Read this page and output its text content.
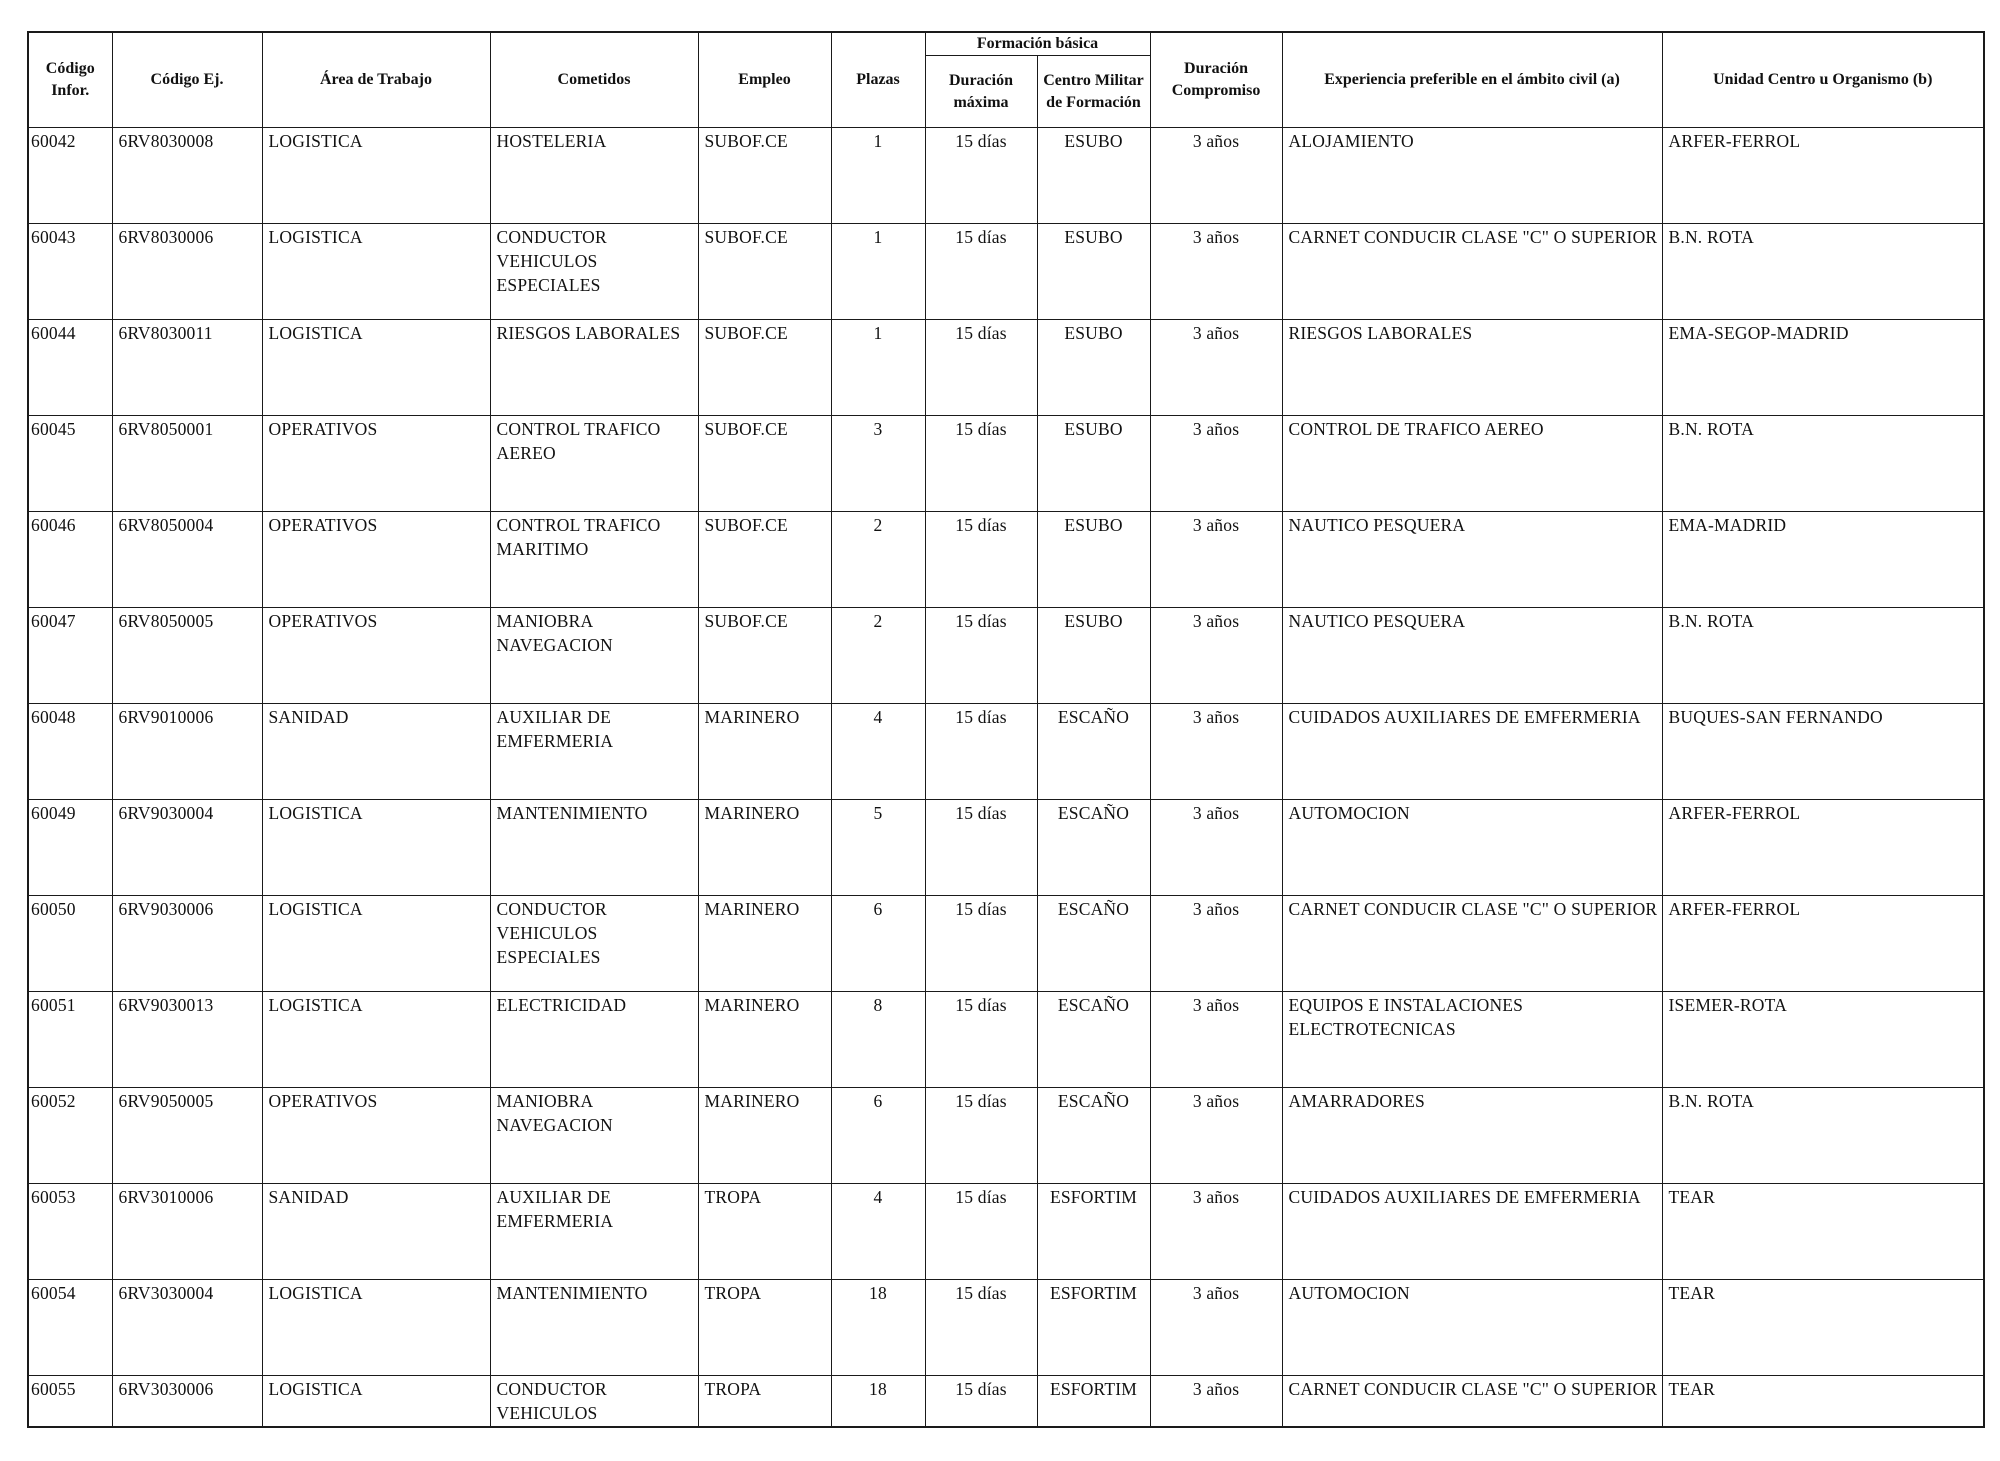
Código Infor.	Código Ej.	Área de Trabajo	Cometidos	Empleo	Plazas	Formación básica		Duración Compromiso	Experiencia preferible en el ámbito civil (a)	Unidad Centro u Organismo (b)
						Duración máxima	Centro Militar de Formación			
60042	6RV8030008	LOGISTICA	HOSTELERIA	SUBOF.CE	1	15 días	ESUBO	3 años	ALOJAMIENTO	ARFER-FERROL
60043	6RV8030006	LOGISTICA	CONDUCTOR VEHICULOS ESPECIALES	SUBOF.CE	1	15 días	ESUBO	3 años	CARNET CONDUCIR CLASE "C" O SUPERIOR	B.N. ROTA
60044	6RV8030011	LOGISTICA	RIESGOS LABORALES	SUBOF.CE	1	15 días	ESUBO	3 años	RIESGOS LABORALES	EMA-SEGOP-MADRID
60045	6RV8050001	OPERATIVOS	CONTROL TRAFICO AEREO	SUBOF.CE	3	15 días	ESUBO	3 años	CONTROL DE TRAFICO AEREO	B.N. ROTA
60046	6RV8050004	OPERATIVOS	CONTROL TRAFICO MARITIMO	SUBOF.CE	2	15 días	ESUBO	3 años	NAUTICO PESQUERA	EMA-MADRID
60047	6RV8050005	OPERATIVOS	MANIOBRA NAVEGACION	SUBOF.CE	2	15 días	ESUBO	3 años	NAUTICO PESQUERA	B.N. ROTA
60048	6RV9010006	SANIDAD	AUXILIAR DE EMFERMERIA	MARINERO	4	15 días	ESCAÑO	3 años	CUIDADOS AUXILIARES DE EMFERMERIA	BUQUES-SAN FERNANDO
60049	6RV9030004	LOGISTICA	MANTENIMIENTO	MARINERO	5	15 días	ESCAÑO	3 años	AUTOMOCION	ARFER-FERROL
60050	6RV9030006	LOGISTICA	CONDUCTOR VEHICULOS ESPECIALES	MARINERO	6	15 días	ESCAÑO	3 años	CARNET CONDUCIR CLASE "C" O SUPERIOR	ARFER-FERROL
60051	6RV9030013	LOGISTICA	ELECTRICIDAD	MARINERO	8	15 días	ESCAÑO	3 años	EQUIPOS E INSTALACIONES ELECTROTECNICAS	ISEMER-ROTA
60052	6RV9050005	OPERATIVOS	MANIOBRA NAVEGACION	MARINERO	6	15 días	ESCAÑO	3 años	AMARRADORES	B.N. ROTA
60053	6RV3010006	SANIDAD	AUXILIAR DE EMFERMERIA	TROPA	4	15 días	ESFORTIM	3 años	CUIDADOS AUXILIARES DE EMFERMERIA	TEAR
60054	6RV3030004	LOGISTICA	MANTENIMIENTO	TROPA	18	15 días	ESFORTIM	3 años	AUTOMOCION	TEAR
60055	6RV3030006	LOGISTICA	CONDUCTOR VEHICULOS	TROPA	18	15 días	ESFORTIM	3 años	CARNET CONDUCIR CLASE "C" O SUPERIOR	TEAR
